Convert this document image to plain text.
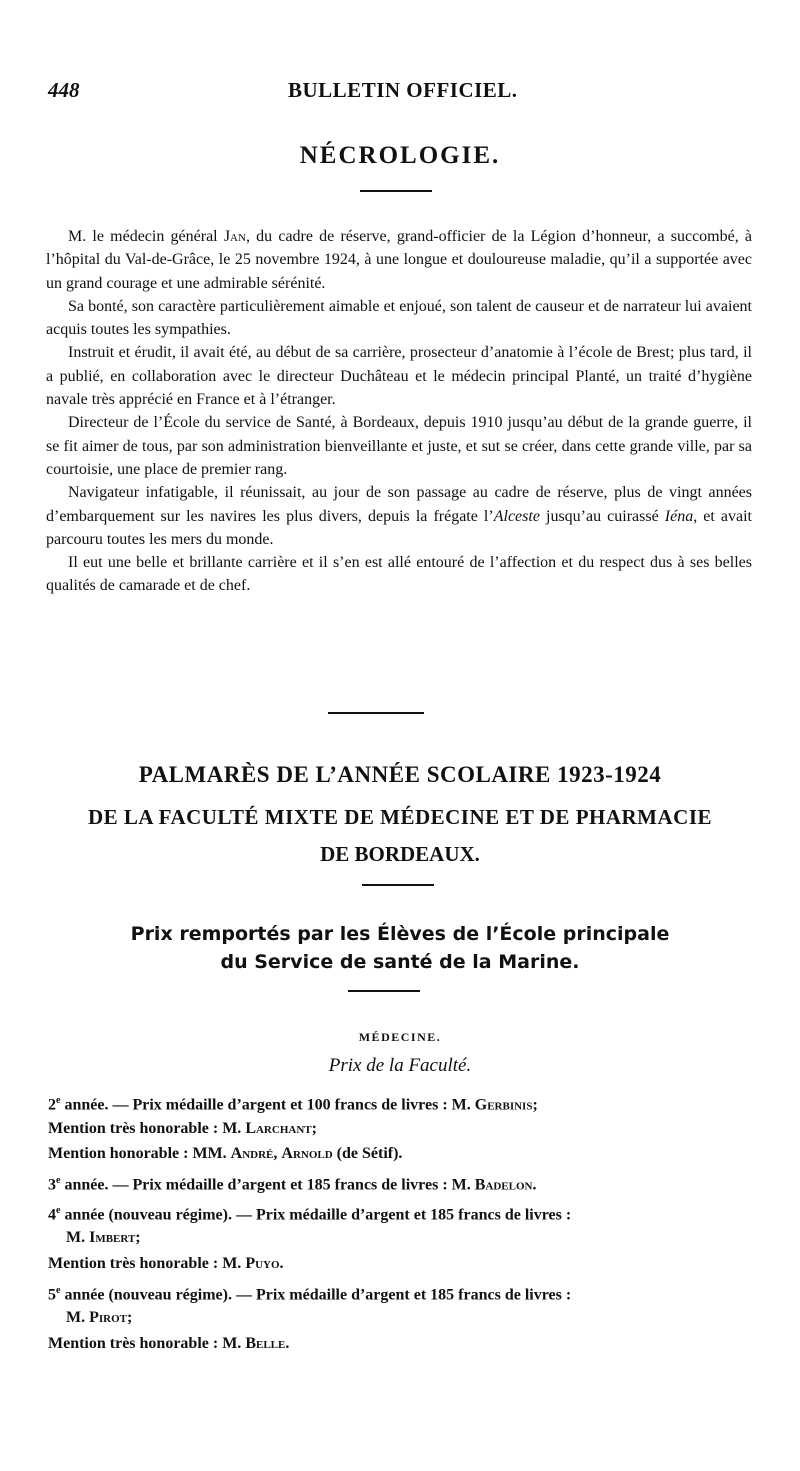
448	BULLETIN OFFICIEL.
NÉCROLOGIE.

M. le médecin général Jan, du cadre de réserve, grand-officier de la Légion d’honneur, a succombé, à l’hôpital du Val-de-Grâce, le 25 novembre 1924, à une longue et douloureuse maladie, qu’il a supportée avec un grand courage et une admirable sérénité.

Sa bonté, son caractère particulièrement aimable et enjoué, son talent de causeur et de narrateur lui avaient acquis toutes les sympathies.

Instruit et érudit, il avait été, au début de sa carrière, prosecteur d’anatomie à l’école de Brest; plus tard, il a publié, en collaboration avec le directeur Duchâteau et le médecin principal Planté, un traité d’hygiène navale très apprécié en France et à l’étranger.

Directeur de l’École du service de Santé, à Bordeaux, depuis 1910 jusqu’au début de la grande guerre, il se fit aimer de tous, par son administration bienveillante et juste, et sut se créer, dans cette grande ville, par sa courtoisie, une place de premier rang.

Navigateur infatigable, il réunissait, au jour de son passage au cadre de réserve, plus de vingt années d’embarquement sur les navires les plus divers, depuis la frégate l’Alceste jusqu’au cuirassé Iéna, et avait parcouru toutes les mers du monde.

Il eut une belle et brillante carrière et il s’en est allé entouré de l’affection et du respect dus à ses belles qualités de camarade et de chef.

PALMARÈS DE L’ANNÉE SCOLAIRE 1923-1924
DE LA FACULTÉ MIXTE DE MÉDECINE ET DE PHARMACIE
DE BORDEAUX.
Prix remportés par les Élèves de l’École principale
du Service de santé de la Marine.
MÉDECINE.
Prix de la Faculté.
2e année. — Prix médaille d’argent et 100 francs de livres : M. Gerbinis;
Mention très honorable : M. Larchant;
Mention honorable : MM. André, Arnold (de Sétif).
3e année. — Prix médaille d’argent et 185 francs de livres : M. Badelon.
4e année (nouveau régime). — Prix médaille d’argent et 185 francs de livres :
M. Imbert;
Mention très honorable : M. Puyo.
5e année (nouveau régime). — Prix médaille d’argent et 185 francs de livres :
M. Pirot;
Mention très honorable : M. Belle.
